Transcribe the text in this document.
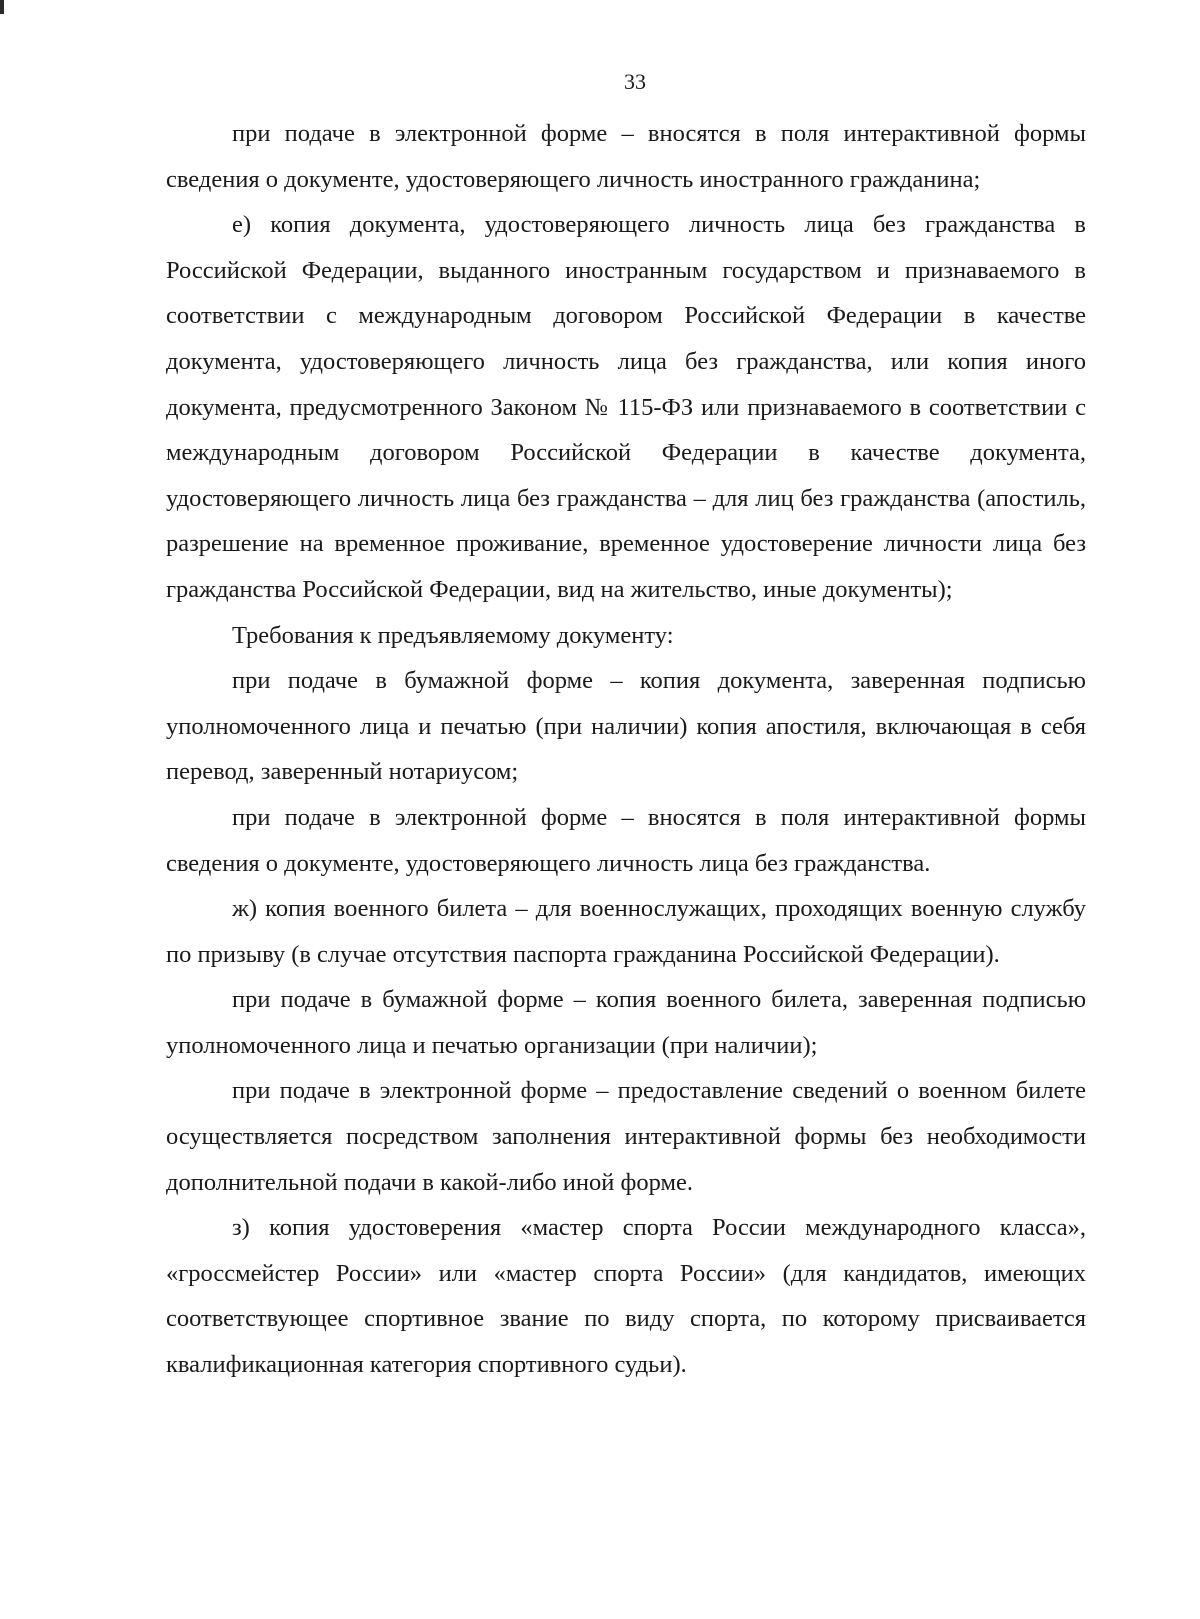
33

при подаче в электронной форме – вносятся в поля интерактивной формы сведения о документе, удостоверяющего личность иностранного гражданина;

е) копия документа, удостоверяющего личность лица без гражданства в Российской Федерации, выданного иностранным государством и признаваемого в соответствии с международным договором Российской Федерации в качестве документа, удостоверяющего личность лица без гражданства, или копия иного документа, предусмотренного Законом № 115-ФЗ или признаваемого в соответствии с международным договором Российской Федерации в качестве документа, удостоверяющего личность лица без гражданства – для лиц без гражданства (апостиль, разрешение на временное проживание, временное удостоверение личности лица без гражданства Российской Федерации, вид на жительство, иные документы);

Требования к предъявляемому документу:

при подаче в бумажной форме – копия документа, заверенная подписью уполномоченного лица и печатью (при наличии) копия апостиля, включающая в себя перевод, заверенный нотариусом;

при подаче в электронной форме – вносятся в поля интерактивной формы сведения о документе, удостоверяющего личность лица без гражданства.

ж) копия военного билета – для военнослужащих, проходящих военную службу по призыву (в случае отсутствия паспорта гражданина Российской Федерации).

при подаче в бумажной форме – копия военного билета, заверенная подписью уполномоченного лица и печатью организации (при наличии);

при подаче в электронной форме – предоставление сведений о военном билете осуществляется посредством заполнения интерактивной формы без необходимости дополнительной подачи в какой-либо иной форме.

з) копия удостоверения «мастер спорта России международного класса», «гроссмейстер России» или «мастер спорта России» (для кандидатов, имеющих соответствующее спортивное звание по виду спорта, по которому присваивается квалификационная категория спортивного судьи).
